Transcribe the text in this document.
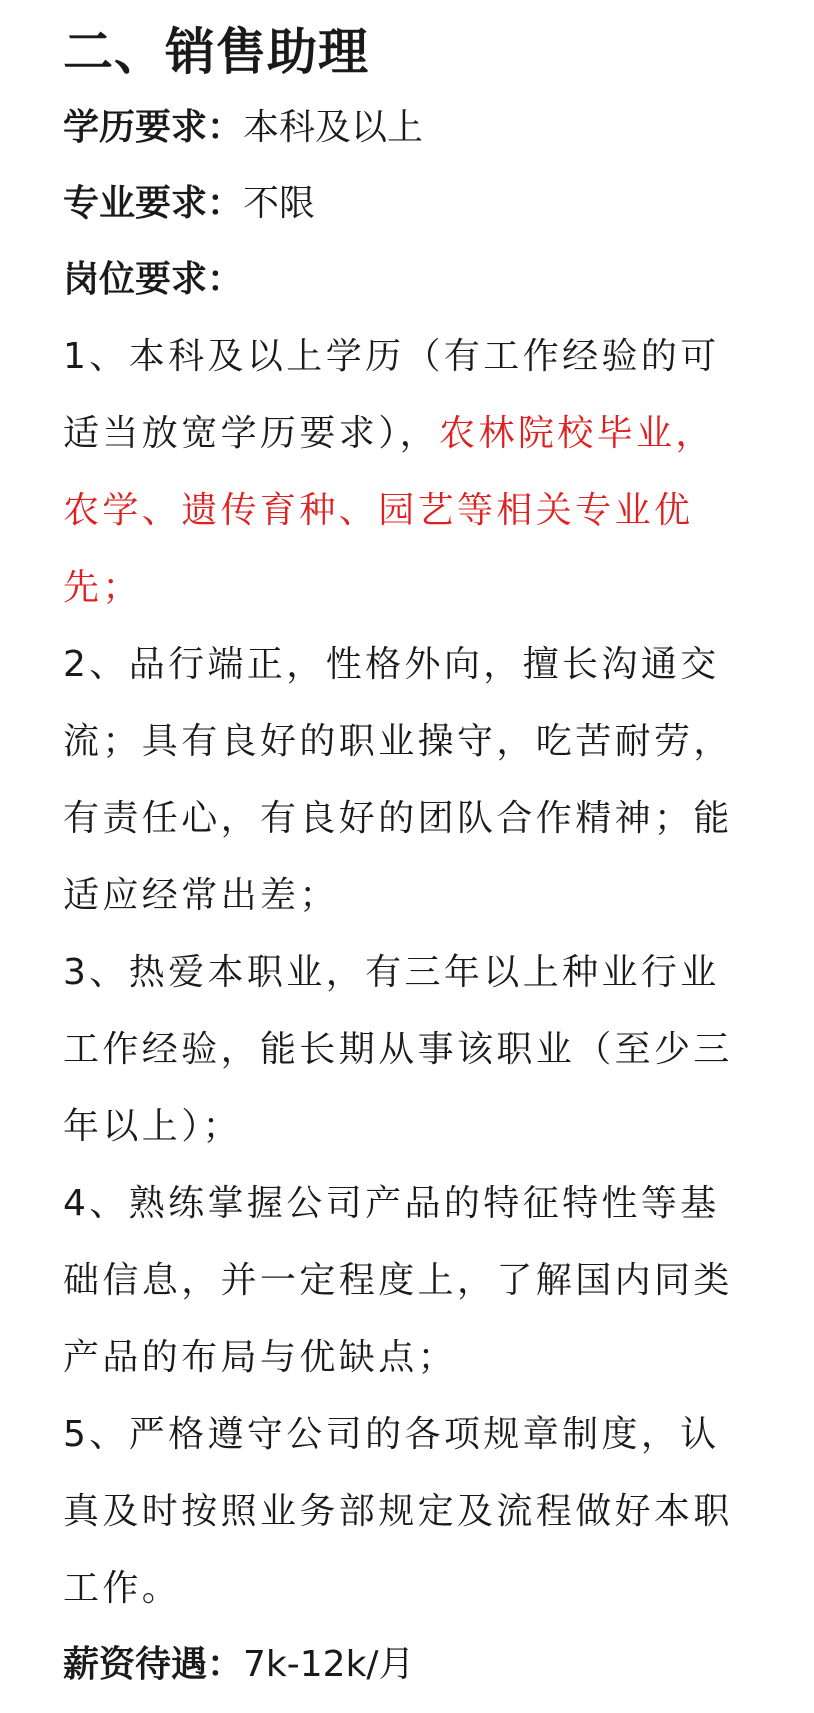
二、销售助理

学历要求：本科及以上

专业要求：不限

岗位要求：

1、本科及以上学历（有工作经验的可适当放宽学历要求），农林院校毕业，农学、遗传育种、园艺等相关专业优先；

2、品行端正，性格外向，擅长沟通交流；具有良好的职业操守，吃苦耐劳，有责任心，有良好的团队合作精神；能适应经常出差；

3、热爱本职业，有三年以上种业行业工作经验，能长期从事该职业（至少三年以上）；

4、熟练掌握公司产品的特征特性等基础信息，并一定程度上，了解国内同类产品的布局与优缺点；

5、严格遵守公司的各项规章制度，认真及时按照业务部规定及流程做好本职工作。

薪资待遇：7k-12k/月
